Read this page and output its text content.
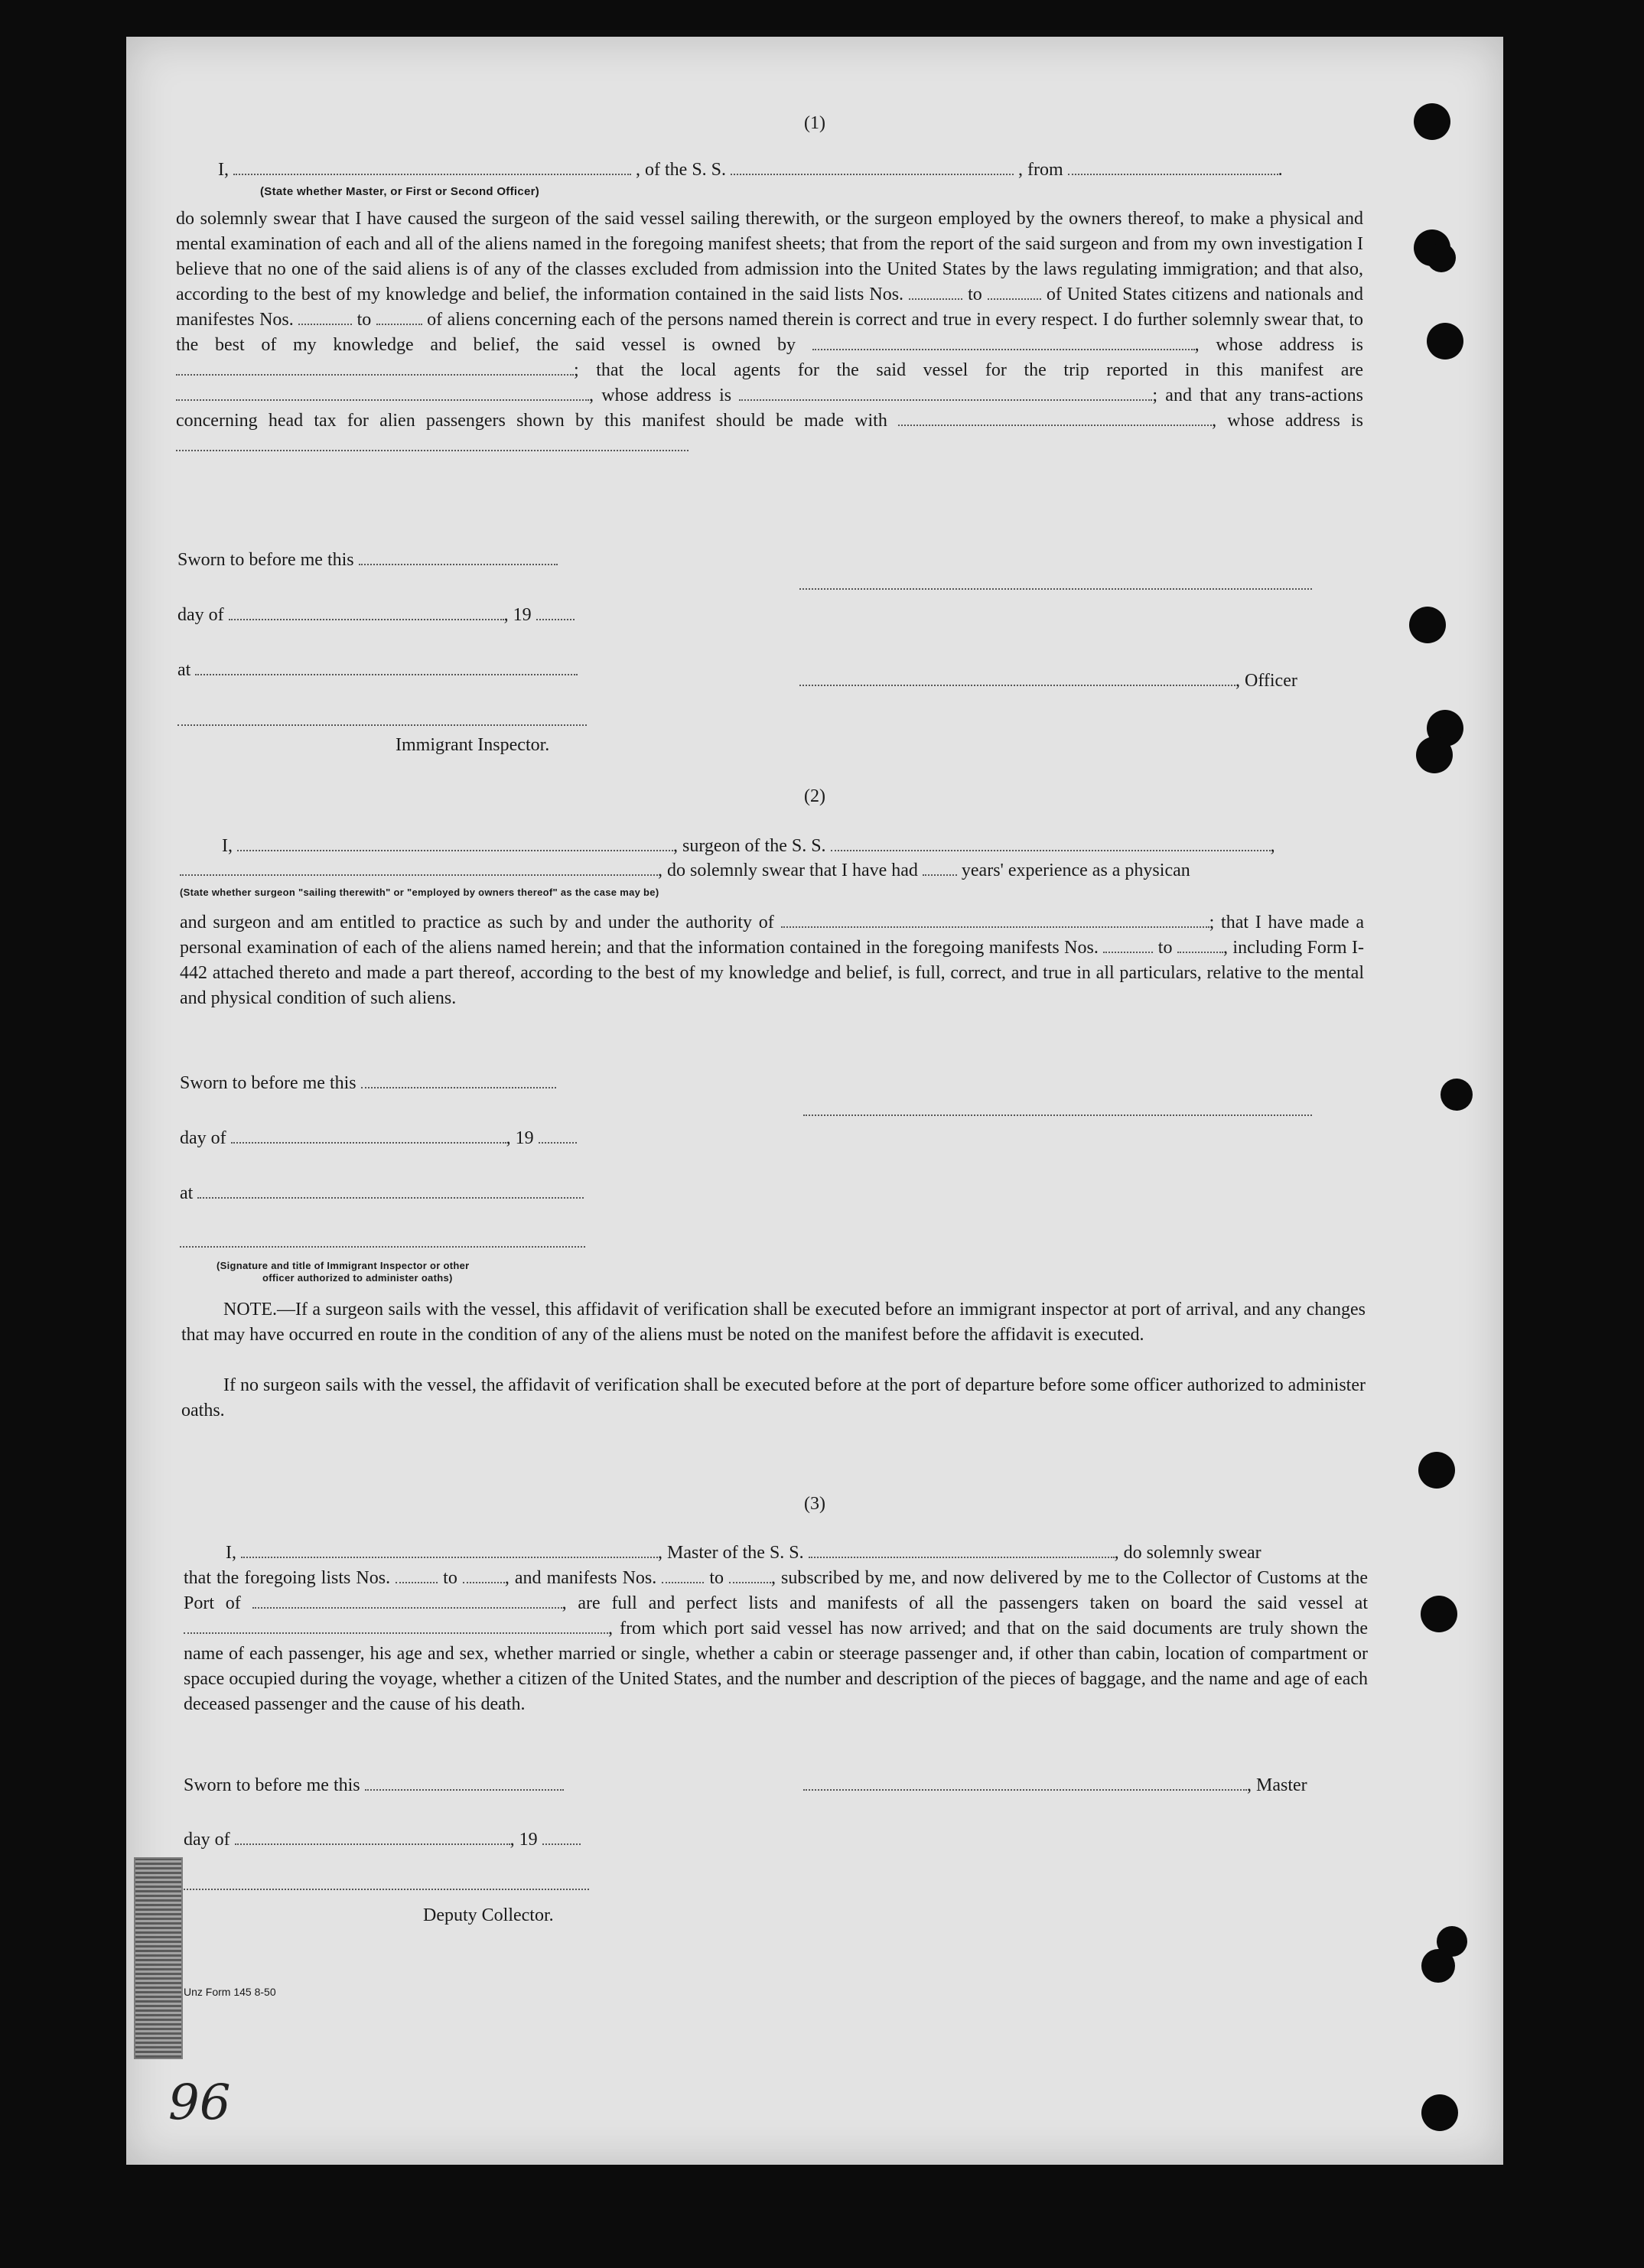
(1)
I,	, of the S. S.	, from	.
(State whether Master, or First or Second Officer)
do solemnly swear that I have caused the surgeon of the said vessel sailing therewith, or the surgeon employed by the owners thereof, to make a physical and mental examination of each and all of the aliens named in the foregoing manifest sheets; that from the report of the said surgeon and from my own investigation I believe that no one of the said aliens is of any of the classes excluded from admission into the United States by the laws regulating immigration; and that also, according to the best of my knowledge and belief, the information contained in the said lists Nos.	to	of United States citizens and nationals and manifestes Nos.	to	of aliens concerning each of the persons named therein is correct and true in every respect. I do further solemnly swear that, to the best of my knowledge and belief, the said vessel is owned by	, whose address is ; that the local agents for the said vessel for the trip reported in this manifest are , whose address is	; and that any trans-actions concerning head tax for alien passengers shown by this manifest should be made with	, whose address is
Sworn to before me this
day of	, 19
at
, Officer
Immigrant Inspector.
(2)
I,	, surgeon of the S. S.	,
, do solemnly swear that I have had years' experience as a physican
(State whether surgeon "sailing therewith" or "employed by owners thereof" as the case may be)
and surgeon and am entitled to practice as such by and under the authority of	; that I have made a personal examination of each of the aliens named herein; and that the information contained in the foregoing manifests Nos.	to	, including Form I-442 attached thereto and made a part thereof, according to the best of my knowledge and belief, is full, correct, and true in all particulars, relative to the mental and physical condition of such aliens.
Sworn to before me this
day of	, 19
at
(Signature and title of Immigrant Inspector or other
officer authorized to administer oaths)
NOTE.—If a surgeon sails with the vessel, this affidavit of verification shall be executed before an immigrant inspector at port of arrival, and any changes that may have occurred en route in the condition of any of the aliens must be noted on the manifest before the affidavit is executed.
If no surgeon sails with the vessel, the affidavit of verification shall be executed before at the port of departure before some officer authorized to administer oaths.
(3)
I,	, Master of the S. S.	, do solemnly swear
that the foregoing lists Nos.	to	, and manifests Nos.	to	, subscribed by me, and now delivered by me to the Collector of Customs at the Port of	, are full and perfect lists and manifests of all the passengers taken on board the said vessel at , from which port said vessel has now arrived; and that on the said documents are truly shown the name of each passenger, his age and sex, whether married or single, whether a cabin or steerage passenger and, if other than cabin, location of compartment or space occupied during the voyage, whether a citizen of the United States, and the number and description of the pieces of baggage, and the name and age of each deceased passenger and the cause of his death.
Sworn to before me this	, Master
day of	, 19
Deputy Collector.
Unz Form 145 8-50
96
